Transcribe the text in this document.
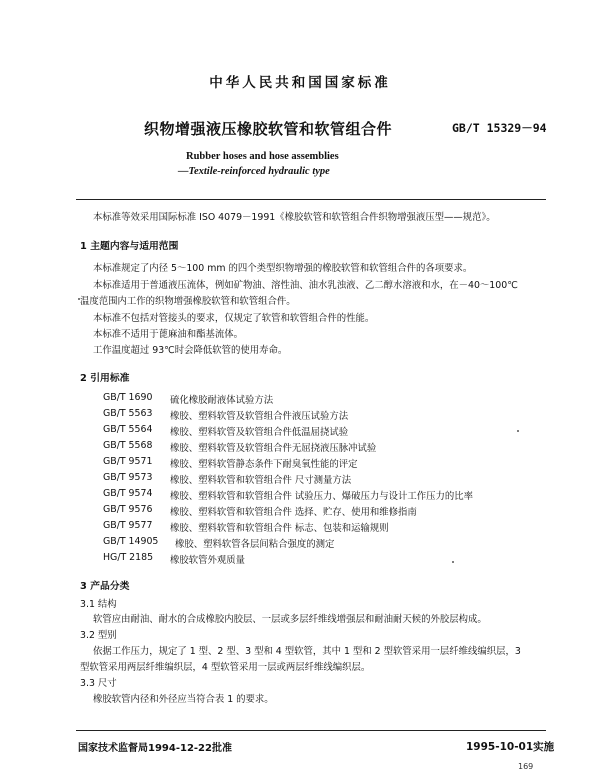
中华人民共和国国家标准
织物增强液压橡胶软管和软管组合件	GB/T 15329－94
Rubber hoses and hose assemblies
—Textile-reinforced hydraulic type
本标准等效采用国际标准 ISO 4079－1991《橡胶软管和软管组合件织物增强液压型——规范》。
1 主题内容与适用范围
本标准规定了内径 5～100 mm 的四个类型织物增强的橡胶软管和软管组合件的各项要求。
本标准适用于普通液压流体，例如矿物油、溶性油、油水乳浊液、乙二醇水溶液和水，在－40～100℃
温度范围内工作的织物增强橡胶软管和软管组合件。
本标准不包括对管接头的要求，仅规定了软管和软管组合件的性能。
本标准不适用于蓖麻油和酯基流体。
工作温度超过 93℃时会降低软管的使用寿命。
2 引用标准
GB/T 1690 硫化橡胶耐液体试验方法
GB/T 5563 橡胶、塑料软管及软管组合件液压试验方法
GB/T 5564 橡胶、塑料软管及软管组合件低温屈挠试验
GB/T 5568 橡胶、塑料软管及软管组合件无屈挠液压脉冲试验
GB/T 9571 橡胶、塑料软管静态条件下耐臭氧性能的评定
GB/T 9573 橡胶、塑料软管和软管组合件 尺寸测量方法
GB/T 9574 橡胶、塑料软管和软管组合件 试验压力、爆破压力与设计工作压力的比率
GB/T 9576 橡胶、塑料软管和软管组合件 选择、贮存、使用和维修指南
GB/T 9577 橡胶、塑料软管和软管组合件 标志、包装和运输规则
GB/T 14905 橡胶、塑料软管各层间粘合强度的测定
HG/T 2185 橡胶软管外观质量
3 产品分类
3.1 结构
软管应由耐油、耐水的合成橡胶内胶层、一层或多层纤维线增强层和耐油耐天候的外胶层构成。
3.2 型别
依据工作压力，规定了 1 型、2 型、3 型和 4 型软管，其中 1 型和 2 型软管采用一层纤维线编织层，3
型软管采用两层纤维编织层，4 型软管采用一层或两层纤维线编织层。
3.3 尺寸
橡胶软管内径和外径应当符合表 1 的要求。
国家技术监督局1994-12-22批准	1995-10-01实施
169
